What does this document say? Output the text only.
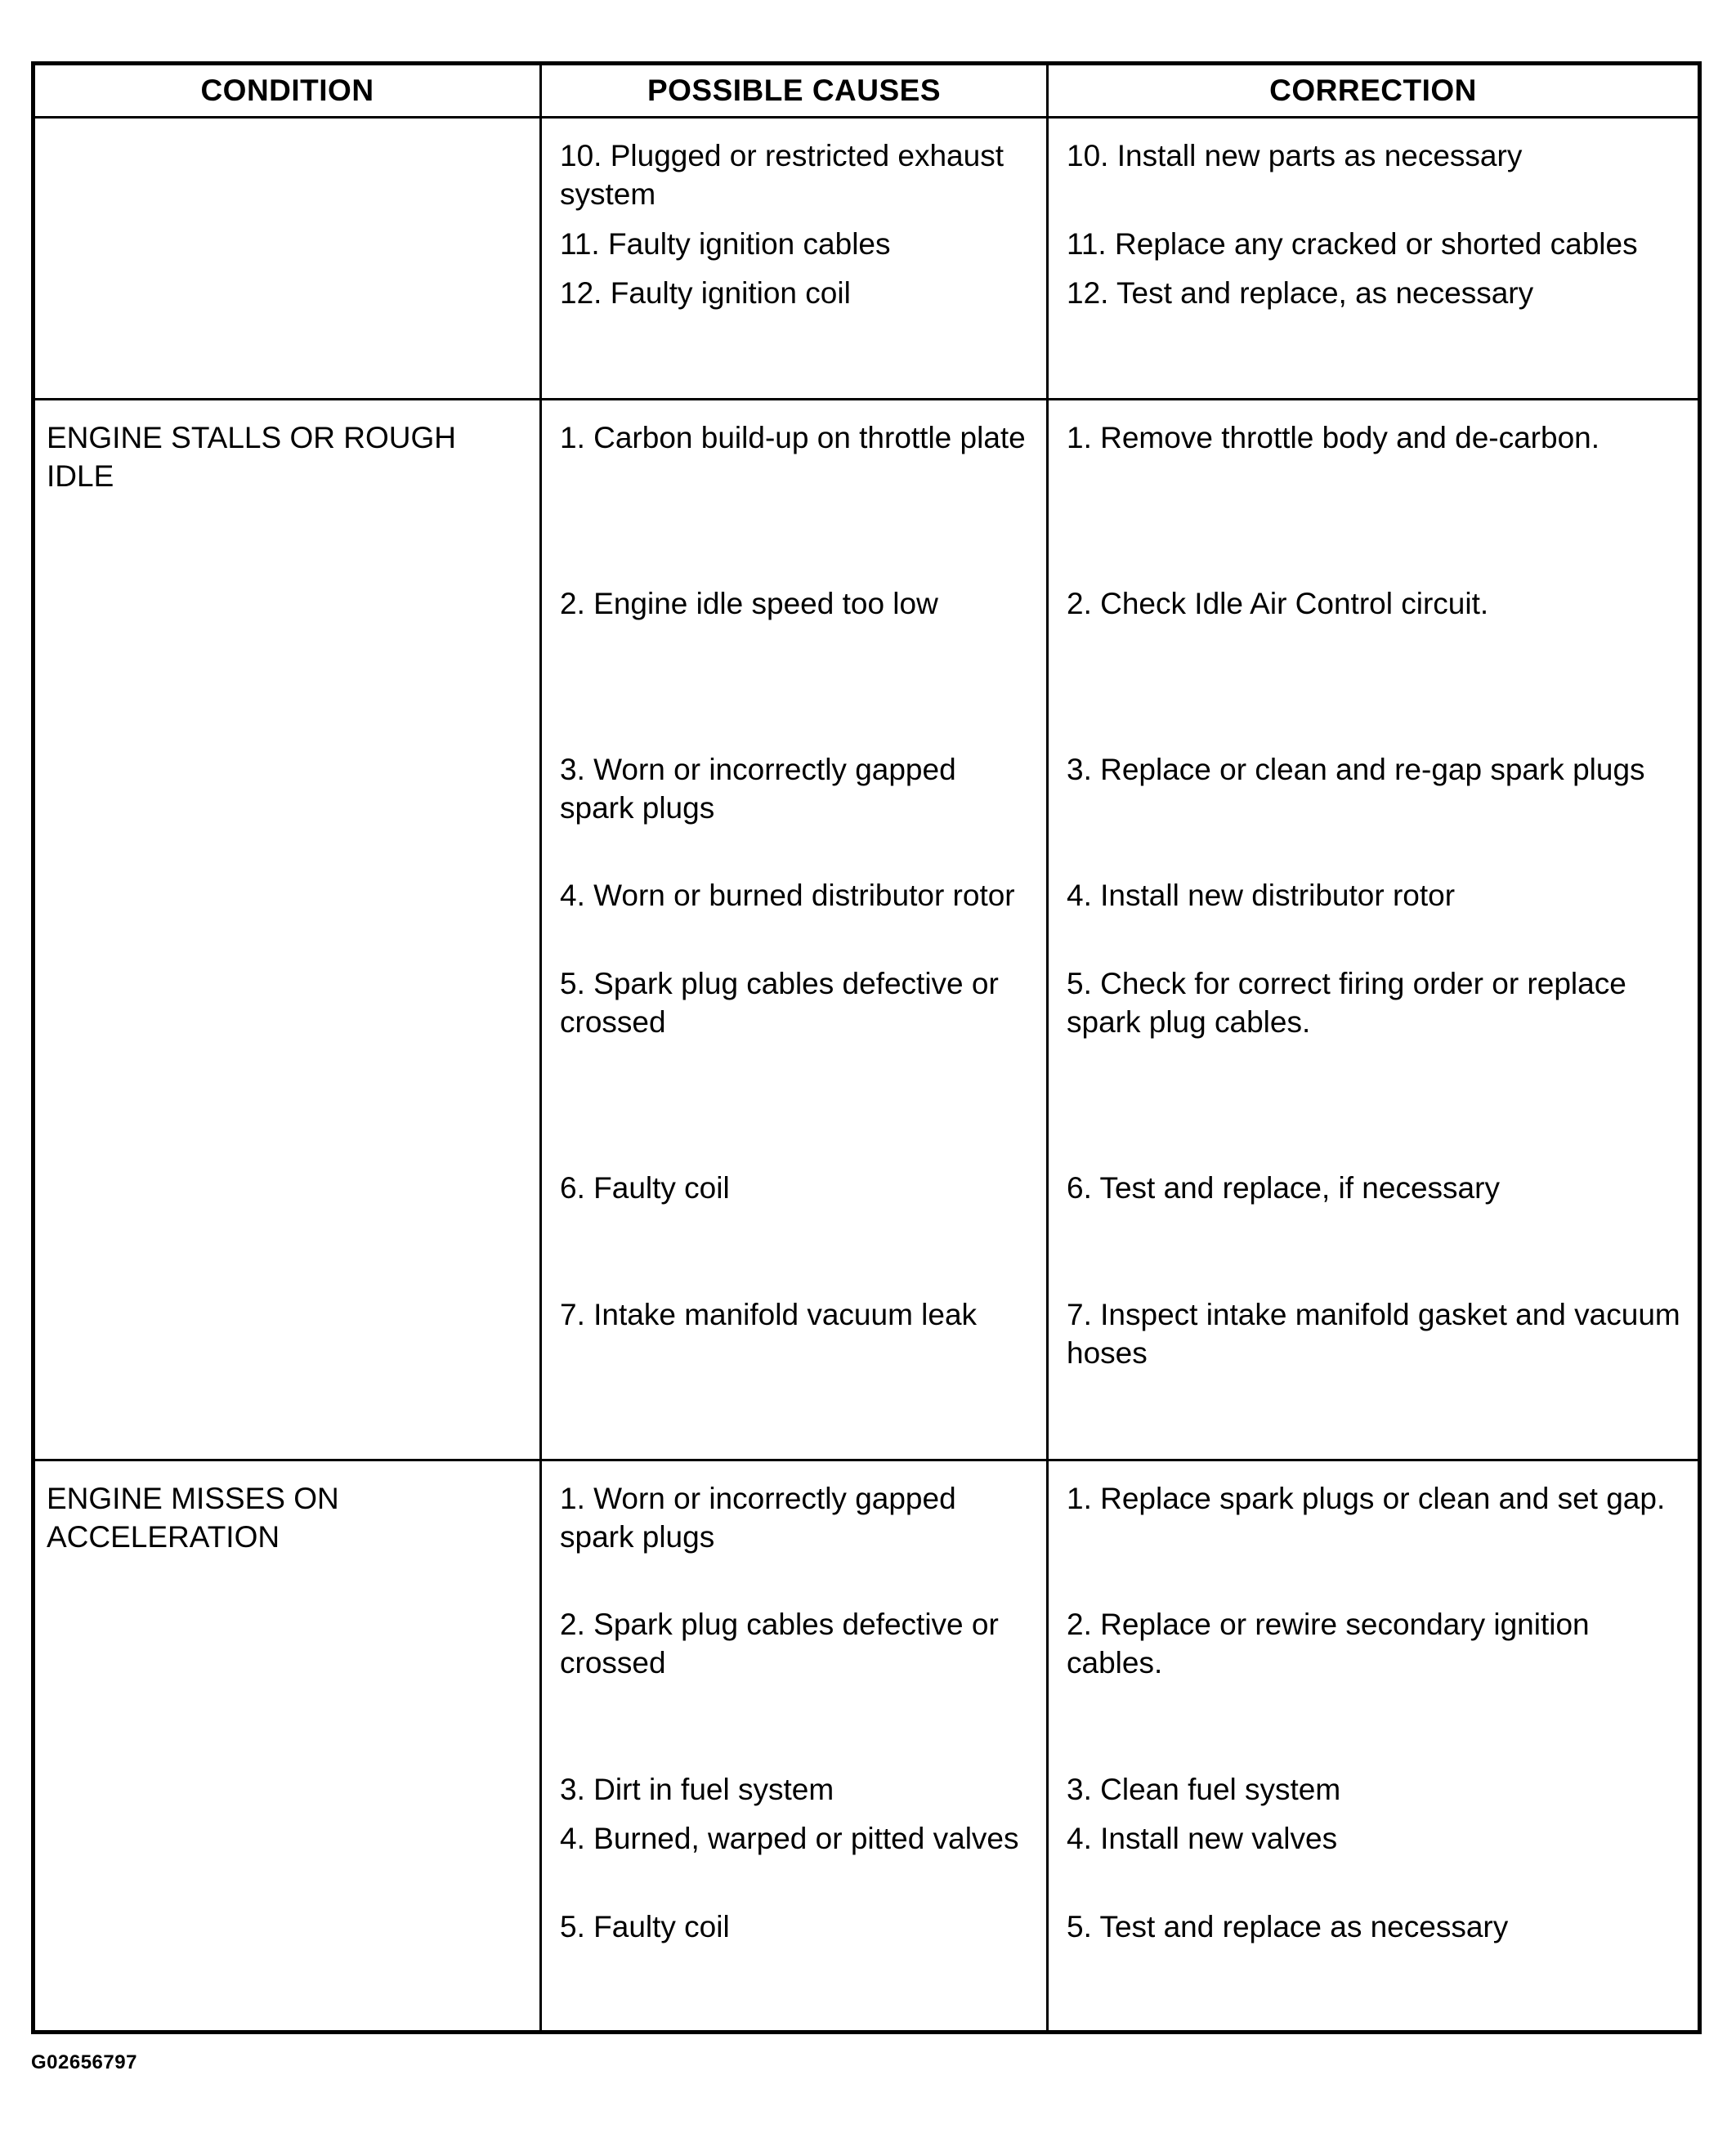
CONDITION	POSSIBLE CAUSES	CORRECTION
10. Plugged or restricted exhaust system
11. Faulty ignition cables
12. Faulty ignition coil
10. Install new parts as necessary
11. Replace any cracked or shorted cables
12. Test and replace, as necessary
ENGINE STALLS OR ROUGH IDLE
1. Carbon build-up on throttle plate
2. Engine idle speed too low
3. Worn or incorrectly gapped spark plugs
4. Worn or burned distributor rotor
5. Spark plug cables defective or crossed
6. Faulty coil
7. Intake manifold vacuum leak
1. Remove throttle body and de-carbon.
2. Check Idle Air Control circuit.
3. Replace or clean and re-gap spark plugs
4. Install new distributor rotor
5. Check for correct firing order or replace spark plug cables.
6. Test and replace, if necessary
7. Inspect intake manifold gasket and vacuum hoses
ENGINE MISSES ON ACCELERATION
1. Worn or incorrectly gapped spark plugs
2. Spark plug cables defective or crossed
3. Dirt in fuel system
4. Burned, warped or pitted valves
5. Faulty coil
1. Replace spark plugs or clean and set gap.
2. Replace or rewire secondary ignition cables.
3. Clean fuel system
4. Install new valves
5. Test and replace as necessary
G02656797
